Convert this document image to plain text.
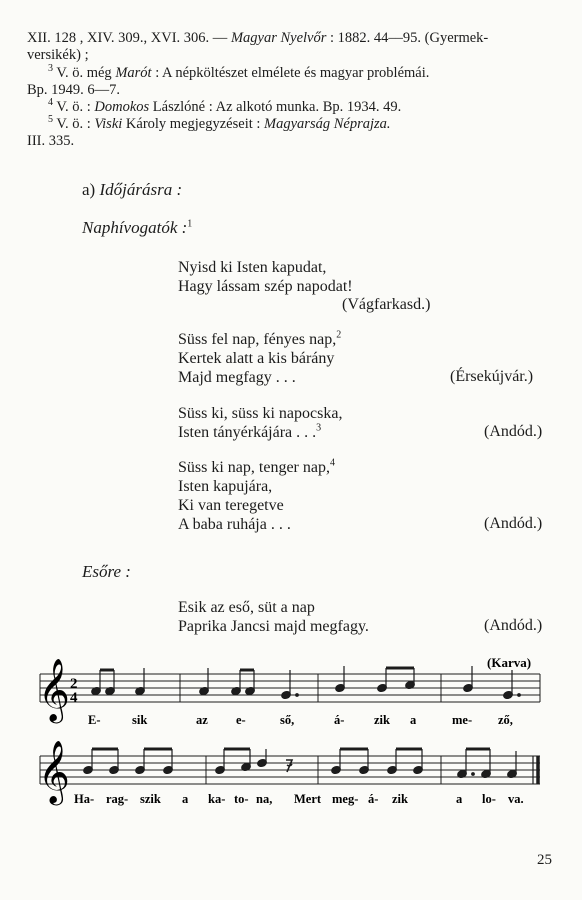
XII. 128 , XIV. 309., XVI. 306. — Magyar Nyelvőr : 1882. 44––95. (Gyermek-
versikék) ;
$^3$ V. ö. még Marót : A népköltészet elmélete és magyar problémái.
Bp. 1949. 6—7.
$^4$ V. ö. : Domokos Lászlóné : Az alkotó munka. Bp. 1934. 49.
$^5$ V. ö. : Viski Károly megjegyzéseit : Magyarság Néprajza.
III. 335.
a) Időjárásra :
Naphívogatók :$^1$
Nyisd ki Isten kapudat,
Hagy lássam szép napodat!
(Vágfarkasd.)
Süss fel nap, fényes nap,$^2$
Kertek alatt a kis bárány
Majd megfagy . . .	(Érsekújvár.)
Süss ki, süss ki napocska,
Isten tányérkájára . . .$^3$	(Andód.)
Süss ki nap, tenger nap,$^4$
Isten kapujára,
Ki van teregetve
A baba ruhája . . .	(Andód.)
Esőre :
Esik az eső, süt a nap
Paprika Jancsi majd megfagy.	(Andód.)
(Karva)
𝄞 2
4
E-	sik	az e-	ső,	á- zik a	me- ző,
𝄞 Ha- rag- szik a ka- to- na, Mert meg- á- zik	a lo- va.
25
